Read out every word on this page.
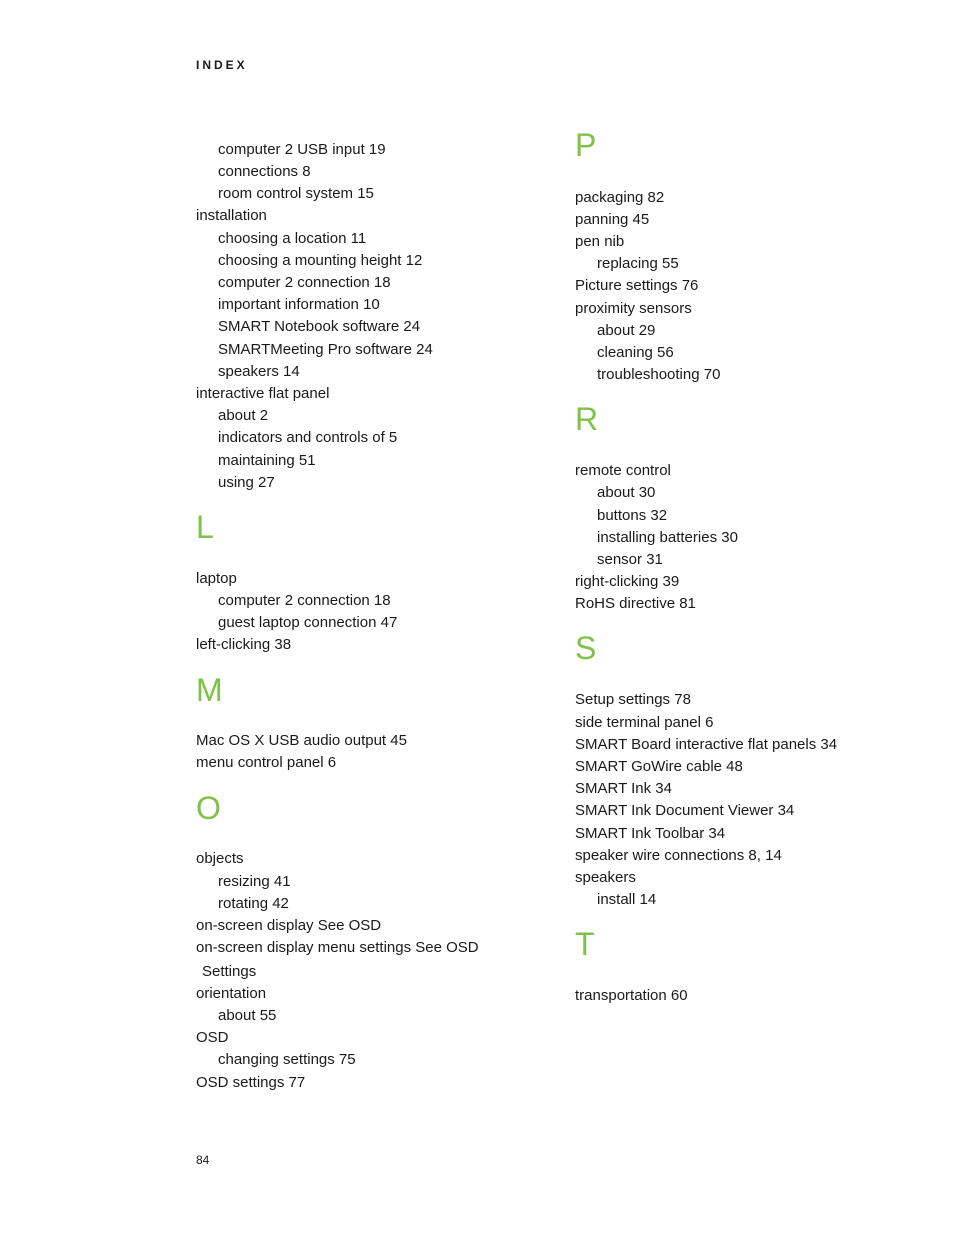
INDEX
computer 2 USB input 19
connections 8
room control system 15
installation
choosing a location 11
choosing a mounting height 12
computer 2 connection 18
important information 10
SMART Notebook software 24
SMARTMeeting Pro software 24
speakers 14
interactive flat panel
about 2
indicators and controls of 5
maintaining 51
using 27
L
laptop
computer 2 connection 18
guest laptop connection 47
left-clicking 38
M
Mac OS X USB audio output 45
menu control panel 6
O
objects
resizing 41
rotating 42
on-screen display See OSD
on-screen display menu settings See OSD
Settings
orientation
about 55
OSD
changing settings 75
OSD settings 77
P
packaging 82
panning 45
pen nib
replacing 55
Picture settings 76
proximity sensors
about 29
cleaning 56
troubleshooting 70
R
remote control
about 30
buttons 32
installing batteries 30
sensor 31
right-clicking 39
RoHS directive 81
S
Setup settings 78
side terminal panel 6
SMART Board interactive flat panels 34
SMART GoWire cable 48
SMART Ink 34
SMART Ink Document Viewer 34
SMART Ink Toolbar 34
speaker wire connections 8, 14
speakers
install 14
T
transportation 60
84
